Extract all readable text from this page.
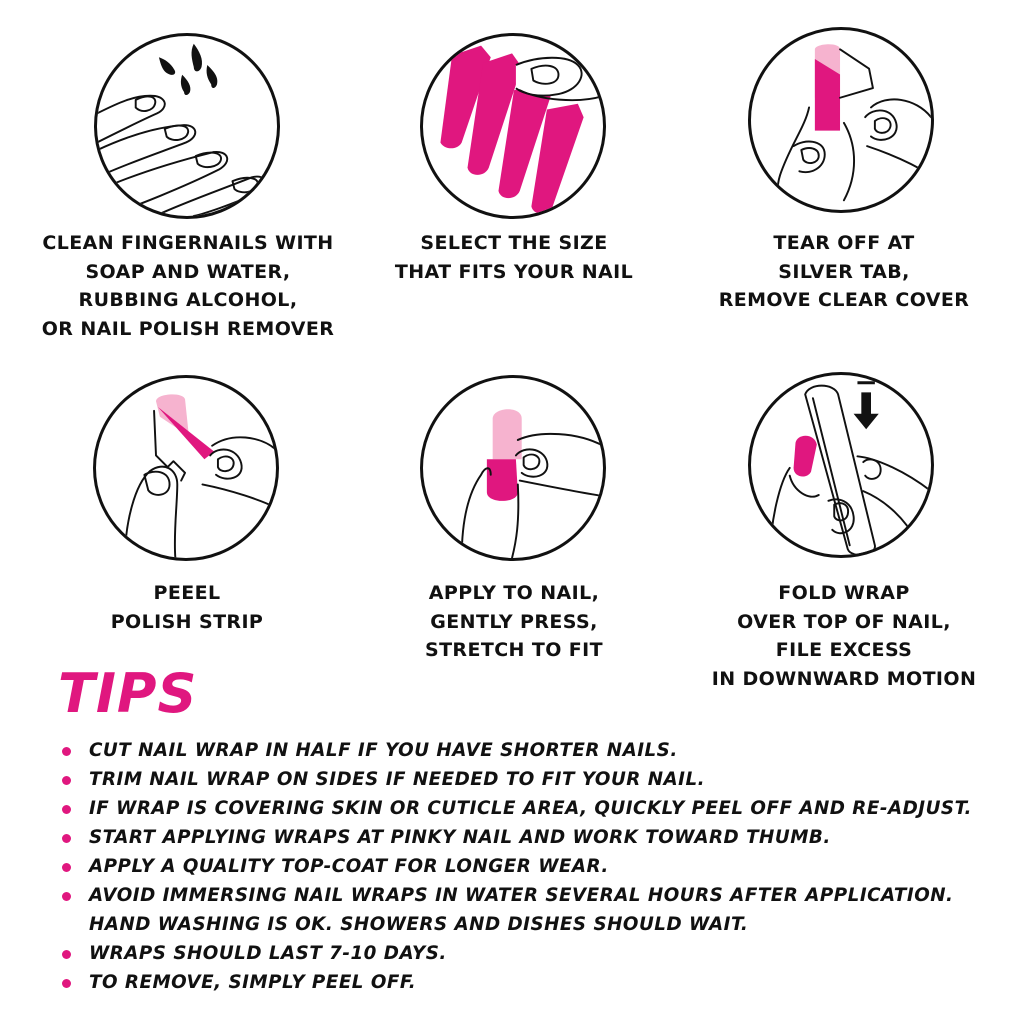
CLEAN FINGERNAILS WITH
SOAP AND WATER,
RUBBING ALCOHOL,
OR NAIL POLISH REMOVER
SELECT THE SIZE
THAT FITS YOUR NAIL
TEAR OFF AT
SILVER TAB,
REMOVE CLEAR COVER
PEEEL
POLISH STRIP
APPLY TO NAIL,
GENTLY PRESS,
STRETCH TO FIT
FOLD WRAP
OVER TOP OF NAIL,
FILE EXCESS
IN DOWNWARD MOTION
TIPS
CUT NAIL WRAP IN HALF IF YOU HAVE SHORTER NAILS.
TRIM NAIL WRAP ON SIDES IF NEEDED TO FIT YOUR NAIL.
IF WRAP IS COVERING SKIN OR CUTICLE AREA, QUICKLY PEEL OFF AND RE-ADJUST.
START APPLYING WRAPS AT PINKY NAIL AND WORK TOWARD THUMB.
APPLY A QUALITY TOP-COAT FOR LONGER WEAR.
AVOID IMMERSING NAIL WRAPS IN WATER SEVERAL HOURS AFTER APPLICATION.
HAND WASHING IS OK. SHOWERS AND DISHES SHOULD WAIT.
WRAPS SHOULD LAST 7-10 DAYS.
TO REMOVE, SIMPLY PEEL OFF.
